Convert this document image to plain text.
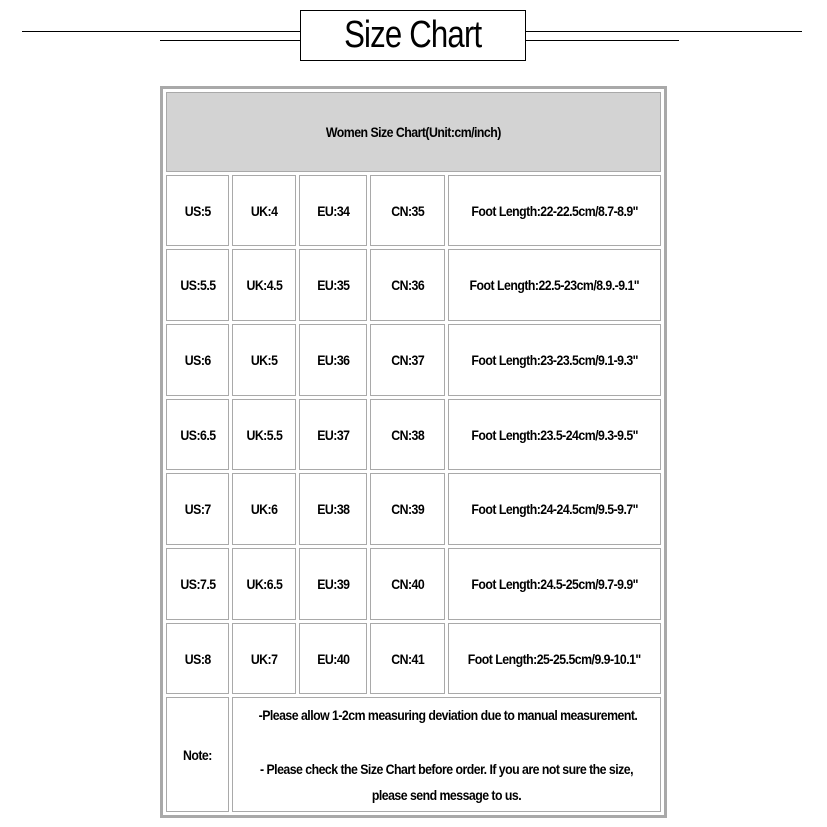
Size Chart
Women Size Chart(Unit:cm/inch)				
US:5	UK:4	EU:34	CN:35	Foot Length:22-22.5cm/8.7-8.9"
US:5.5	UK:4.5	EU:35	CN:36	Foot Length:22.5-23cm/8.9.-9.1"
US:6	UK:5	EU:36	CN:37	Foot Length:23-23.5cm/9.1-9.3"
US:6.5	UK:5.5	EU:37	CN:38	Foot Length:23.5-24cm/9.3-9.5"
US:7	UK:6	EU:38	CN:39	Foot Length:24-24.5cm/9.5-9.7"
US:7.5	UK:6.5	EU:39	CN:40	Foot Length:24.5-25cm/9.7-9.9"
US:8	UK:7	EU:40	CN:41	Foot Length:25-25.5cm/9.9-10.1"
Note:	-Please allow 1-2cm measuring deviation due to manual measurement.
- Please check the Size Chart before order. If you are not sure the size,
please send message to us.			
